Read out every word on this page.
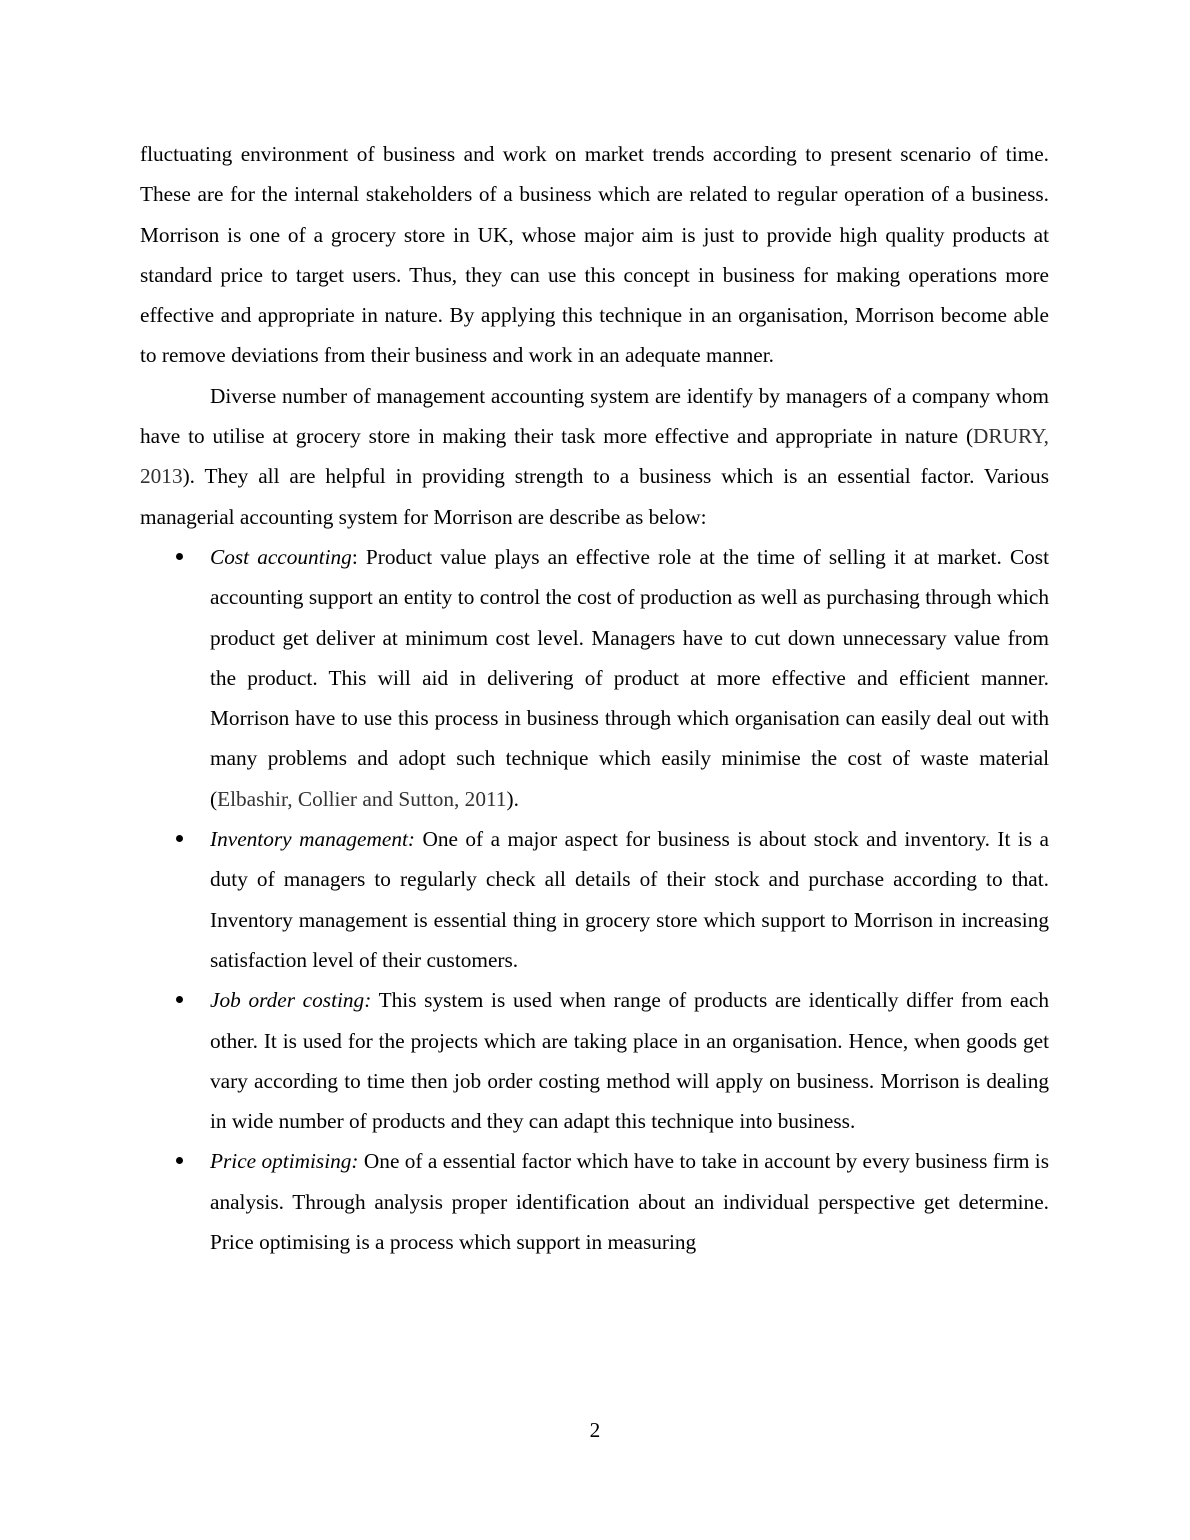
fluctuating environment of business and work on market trends according to present scenario of time. These are for the internal stakeholders of a business which are related to regular operation of a business. Morrison is one of a grocery store in UK, whose major aim is just to provide high quality products at standard price to target users. Thus, they can use this concept in business for making operations more effective and appropriate in nature. By applying this technique in an organisation, Morrison become able to remove deviations from their business and work in an adequate manner.

Diverse number of management accounting system are identify by managers of a company whom have to utilise at grocery store in making their task more effective and appropriate in nature (DRURY, 2013). They all are helpful in providing strength to a business which is an essential factor. Various managerial accounting system for Morrison are describe as below:

Cost accounting: Product value plays an effective role at the time of selling it at market. Cost accounting support an entity to control the cost of production as well as purchasing through which product get deliver at minimum cost level. Managers have to cut down unnecessary value from the product. This will aid in delivering of product at more effective and efficient manner. Morrison have to use this process in business through which organisation can easily deal out with many problems and adopt such technique which easily minimise the cost of waste material (Elbashir, Collier and Sutton, 2011).
Inventory management: One of a major aspect for business is about stock and inventory. It is a duty of managers to regularly check all details of their stock and purchase according to that. Inventory management is essential thing in grocery store which support to Morrison in increasing satisfaction level of their customers.
Job order costing: This system is used when range of products are identically differ from each other. It is used for the projects which are taking place in an organisation. Hence, when goods get vary according to time then job order costing method will apply on business. Morrison is dealing in wide number of products and they can adapt this technique into business.
Price optimising: One of a essential factor which have to take in account by every business firm is analysis. Through analysis proper identification about an individual perspective get determine. Price optimising is a process which support in measuring
2
